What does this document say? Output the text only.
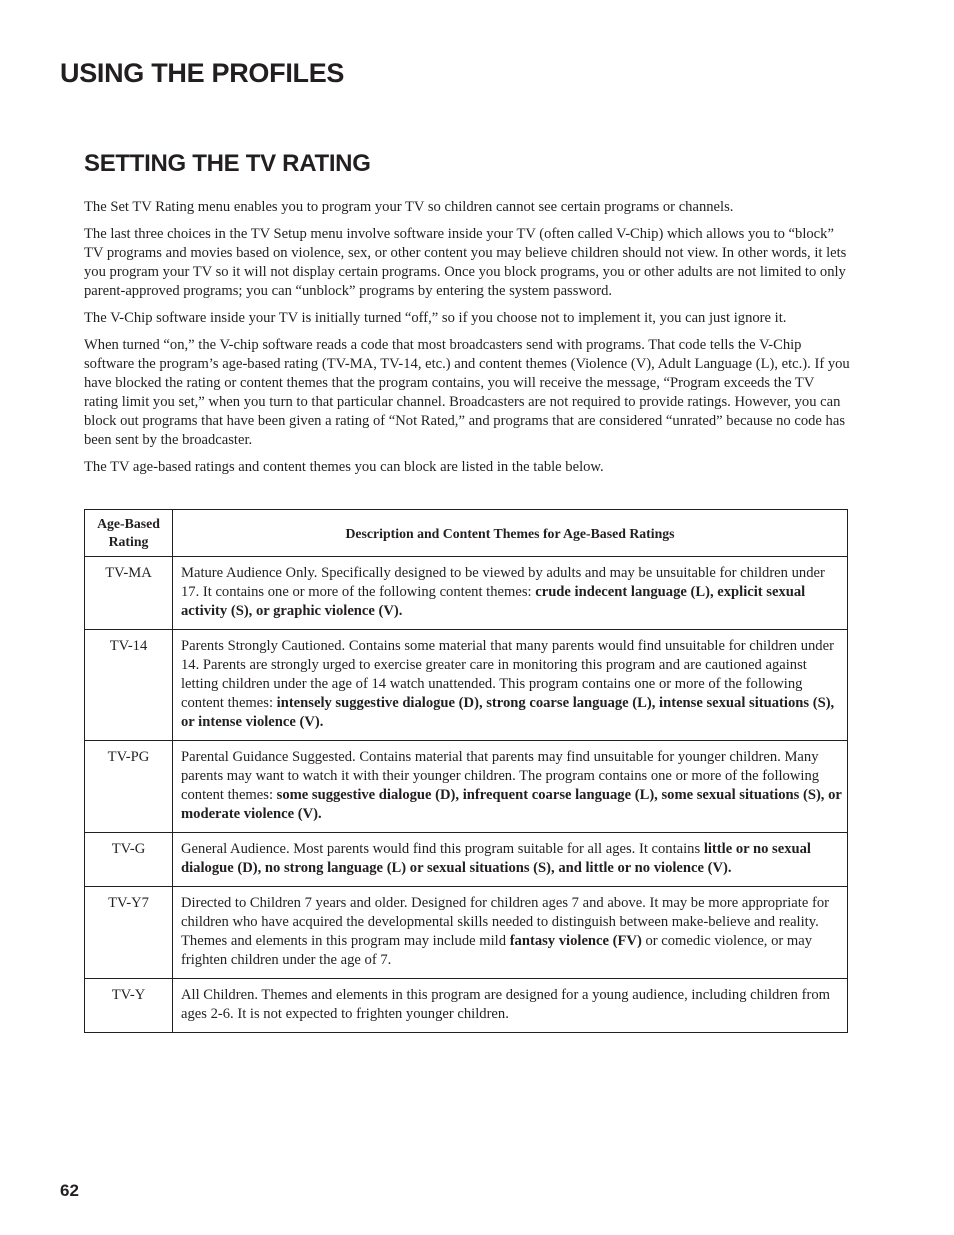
USING THE PROFILES
SETTING THE TV RATING

The Set TV Rating menu enables you to program your TV so children cannot see certain programs or channels.

The last three choices in the TV Setup menu involve software inside your TV (often called V-Chip) which allows you to “block” TV programs and movies based on violence, sex, or other content you may believe children should not view. In other words, it lets you program your TV so it will not display certain programs. Once you block programs, you or other adults are not limited to only parent-approved programs; you can “unblock” programs by entering the system password.

The V-Chip software inside your TV is initially turned “off,” so if you choose not to implement it, you can just ignore it.

When turned “on,” the V-chip software reads a code that most broadcasters send with programs. That code tells the V-Chip software the program’s age-based rating (TV-MA, TV-14, etc.) and content themes (Violence (V), Adult Language (L), etc.). If you have blocked the rating or content themes that the program contains, you will receive the message, “Program exceeds the TV rating limit you set,” when you turn to that particular channel. Broadcasters are not required to provide ratings. However, you can block out programs that have been given a rating of “Not Rated,” and programs that are considered “unrated” because no code has been sent by the broadcaster.

The TV age-based ratings and content themes you can block are listed in the table below.

Age-Based Rating	Description and Content Themes for Age-Based Ratings
TV-MA	Mature Audience Only. Specifically designed to be viewed by adults and may be unsuitable for children under 17. It contains one or more of the following content themes: crude indecent language (L), explicit sexual activity (S), or graphic violence (V).
TV-14	Parents Strongly Cautioned. Contains some material that many parents would find unsuitable for children under 14. Parents are strongly urged to exercise greater care in monitoring this program and are cautioned against letting children under the age of 14 watch unattended. This program contains one or more of the following content themes: intensely suggestive dialogue (D), strong coarse language (L), intense sexual situations (S), or intense violence (V).
TV-PG	Parental Guidance Suggested. Contains material that parents may find unsuitable for younger children. Many parents may want to watch it with their younger children. The program contains one or more of the following content themes: some suggestive dialogue (D), infrequent coarse language (L), some sexual situations (S), or moderate violence (V).
TV-G	General Audience. Most parents would find this program suitable for all ages. It contains little or no sexual dialogue (D), no strong language (L) or sexual situations (S), and little or no violence (V).
TV-Y7	Directed to Children 7 years and older. Designed for children ages 7 and above. It may be more appropriate for children who have acquired the developmental skills needed to distinguish between make-believe and reality. Themes and elements in this program may include mild fantasy violence (FV) or comedic violence, or may frighten children under the age of 7.
TV-Y	All Children. Themes and elements in this program are designed for a young audience, including children from ages 2-6. It is not expected to frighten younger children.
62
